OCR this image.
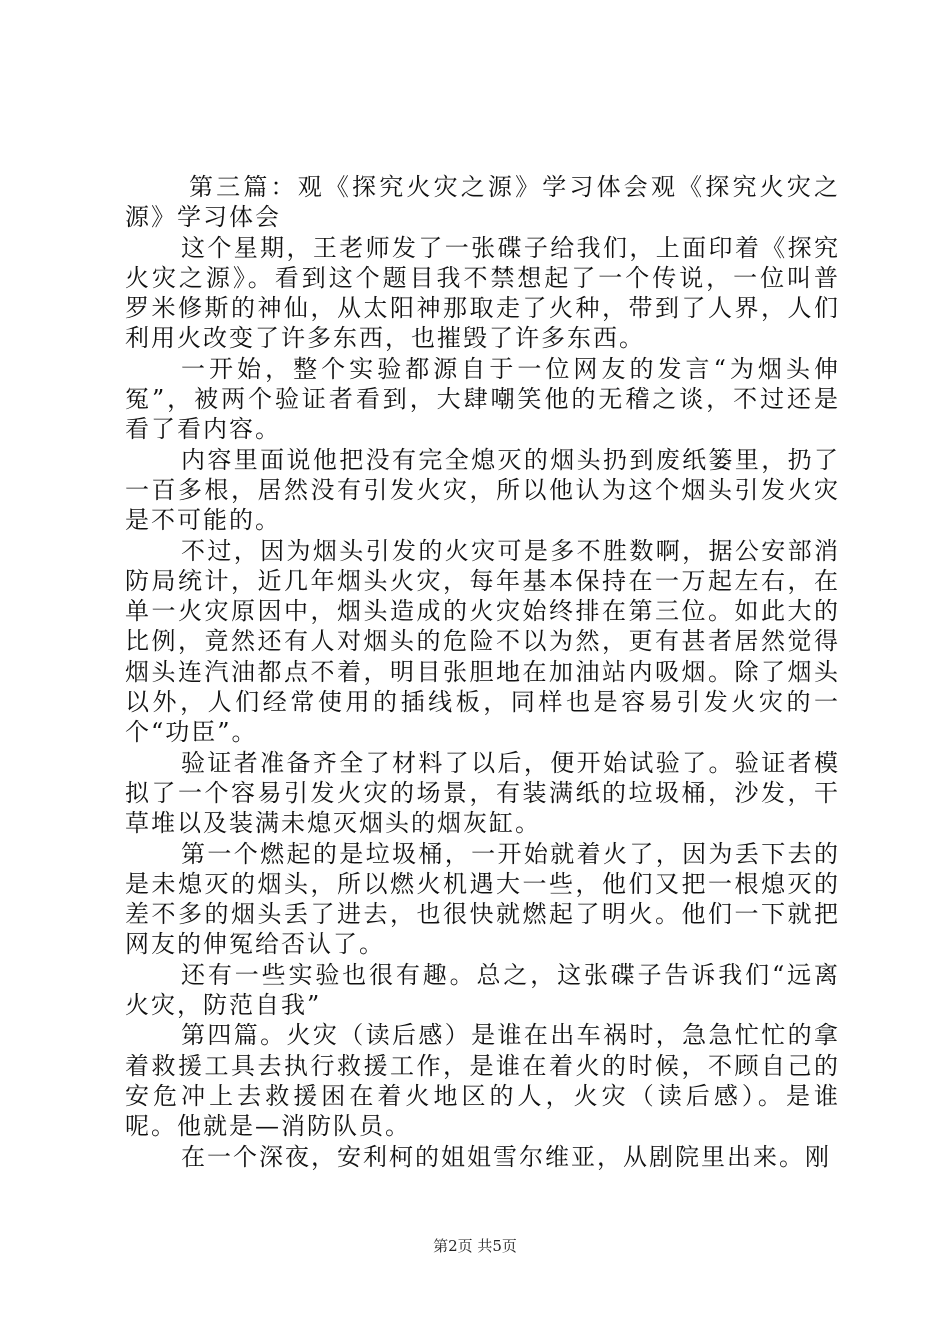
第三篇：观《探究火灾之源》学习体会观《探究火灾之源》学习体会

这个星期，王老师发了一张碟子给我们，上面印着《探究火灾之源》。看到这个题目我不禁想起了一个传说，一位叫普罗米修斯的神仙，从太阳神那取走了火种，带到了人界，人们利用火改变了许多东西，也摧毁了许多东西。

一开始，整个实验都源自于一位网友的发言“为烟头伸冤”，被两个验证者看到，大肆嘲笑他的无稽之谈，不过还是看了看内容。

内容里面说他把没有完全熄灭的烟头扔到废纸篓里，扔了一百多根，居然没有引发火灾，所以他认为这个烟头引发火灾是不可能的。

不过，因为烟头引发的火灾可是多不胜数啊，据公安部消防局统计，近几年烟头火灾，每年基本保持在一万起左右，在单一火灾原因中，烟头造成的火灾始终排在第三位。如此大的比例，竟然还有人对烟头的危险不以为然，更有甚者居然觉得烟头连汽油都点不着，明目张胆地在加油站内吸烟。除了烟头以外，人们经常使用的插线板，同样也是容易引发火灾的一个“功臣”。

验证者准备齐全了材料了以后，便开始试验了。验证者模拟了一个容易引发火灾的场景，有装满纸的垃圾桶，沙发，干草堆以及装满未熄灭烟头的烟灰缸。

第一个燃起的是垃圾桶，一开始就着火了，因为丢下去的是未熄灭的烟头，所以燃火机遇大一些，他们又把一根熄灭的差不多的烟头丢了进去，也很快就燃起了明火。他们一下就把网友的伸冤给否认了。

还有一些实验也很有趣。总之，这张碟子告诉我们“远离火灾，防范自我”

第四篇。火灾（读后感）是谁在出车祸时，急急忙忙的拿着救援工具去执行救援工作，是谁在着火的时候，不顾自己的安危冲上去救援困在着火地区的人，火灾（读后感）。是谁呢。他就是—消防队员。

在一个深夜，安利柯的姐姐雪尔维亚，从剧院里出来。刚

第2页 共5页
